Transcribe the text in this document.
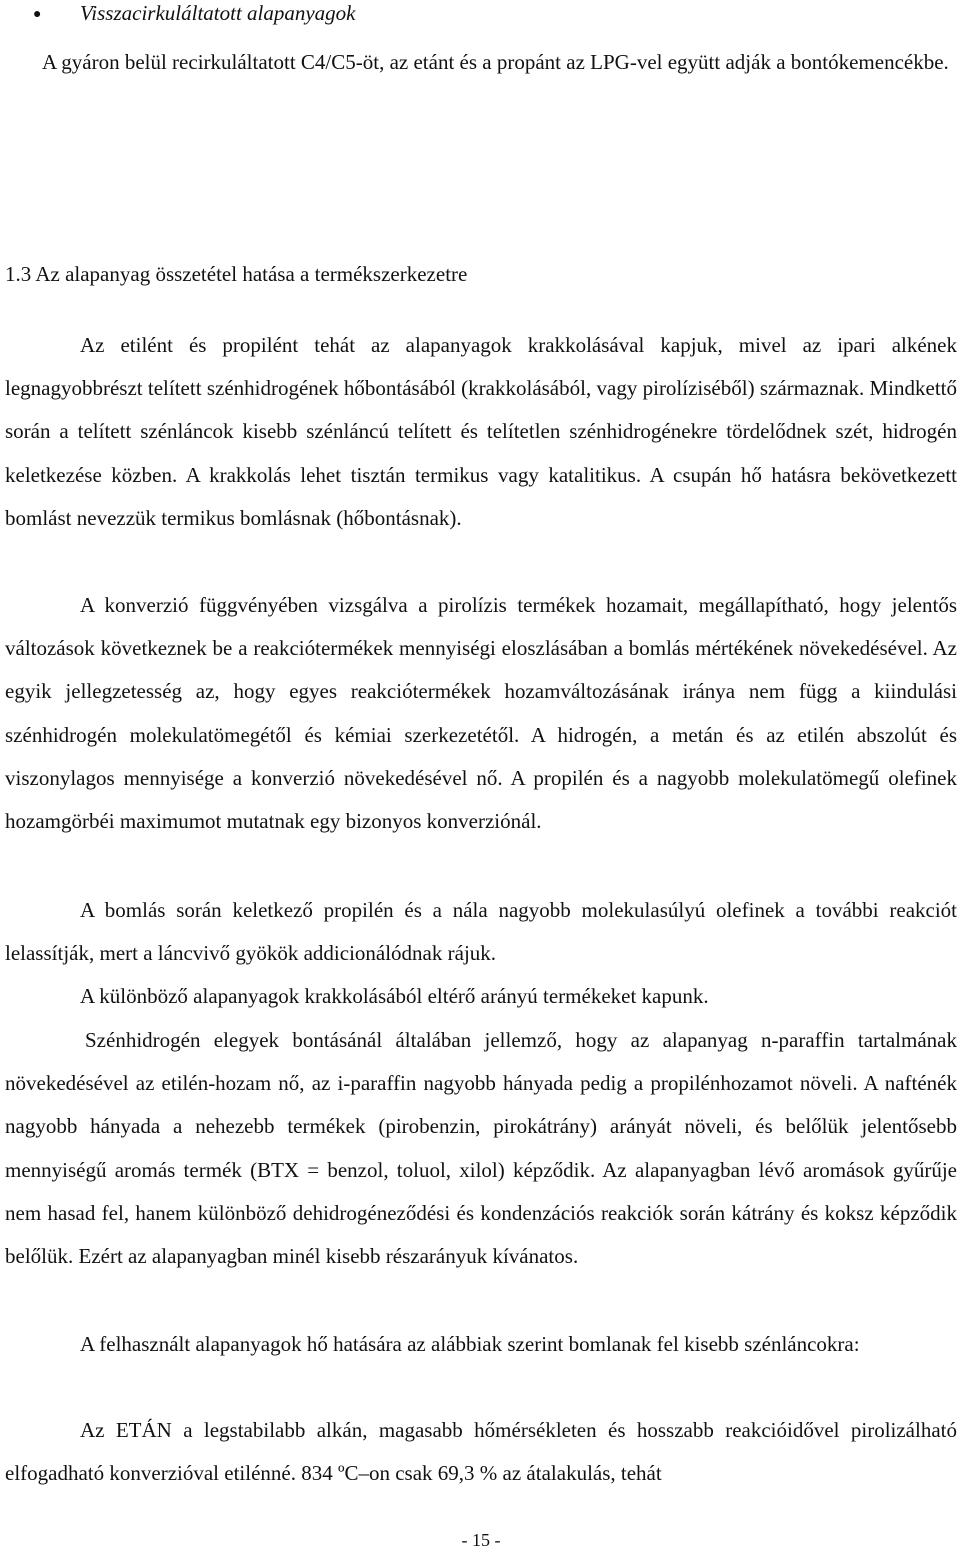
● Visszacirkuláltatott alapanyagok

A gyáron belül recirkuláltatott C4/C5-öt, az etánt és a propánt az LPG-vel együtt adják a bontókemencékbe.

1.3 Az alapanyag összetétel hatása a termékszerkezetre

Az etilént és propilént tehát az alapanyagok krakkolásával kapjuk, mivel az ipari alkének legnagyobbrészt telített szénhidrogének hőbontásából (krakkolásából, vagy pirolíziséből) származnak. Mindkettő során a telített szénláncok kisebb szénláncú telített és telítetlen szénhidrogénekre tördelődnek szét, hidrogén keletkezése közben. A krakkolás lehet tisztán termikus vagy katalitikus. A csupán hő hatásra bekövetkezett bomlást nevezzük termikus bomlásnak (hőbontásnak).

A konverzió függvényében vizsgálva a pirolízis termékek hozamait, megállapítható, hogy jelentős változások következnek be a reakciótermékek mennyiségi eloszlásában a bomlás mértékének növekedésével. Az egyik jellegzetesség az, hogy egyes reakciótermékek hozamváltozásának iránya nem függ a kiindulási szénhidrogén molekulatömegétől és kémiai szerkezetétől. A hidrogén, a metán és az etilén abszolút és viszonylagos mennyisége a konverzió növekedésével nő. A propilén és a nagyobb molekulatömegű olefinek hozamgörbéi maximumot mutatnak egy bizonyos konverziónál.

A bomlás során keletkező propilén és a nála nagyobb molekulasúlyú olefinek a további reakciót lelassítják, mert a láncvivő gyökök addicionálódnak rájuk.

A különböző alapanyagok krakkolásából eltérő arányú termékeket kapunk.

Szénhidrogén elegyek bontásánál általában jellemző, hogy az alapanyag n-paraffin tartalmának növekedésével az etilén-hozam nő, az i-paraffin nagyobb hányada pedig a propilénhozamot növeli. A nafténék nagyobb hányada a nehezebb termékek (pirobenzin, pirokátrány) arányát növeli, és belőlük jelentősebb mennyiségű aromás termék (BTX = benzol, toluol, xilol) képződik. Az alapanyagban lévő aromások gyűrűje nem hasad fel, hanem különböző dehidrogéneződési és kondenzációs reakciók során kátrány és koksz képződik belőlük. Ezért az alapanyagban minél kisebb részarányuk kívánatos.

A felhasznált alapanyagok hő hatására az alábbiak szerint bomlanak fel kisebb szénláncokra:

Az ETÁN a legstabilabb alkán, magasabb hőmérsékleten és hosszabb reakcióidővel pirolizálható elfogadható konverzióval etilénné. 834 ºC–on csak 69,3 % az átalakulás, tehát

- 15 -
